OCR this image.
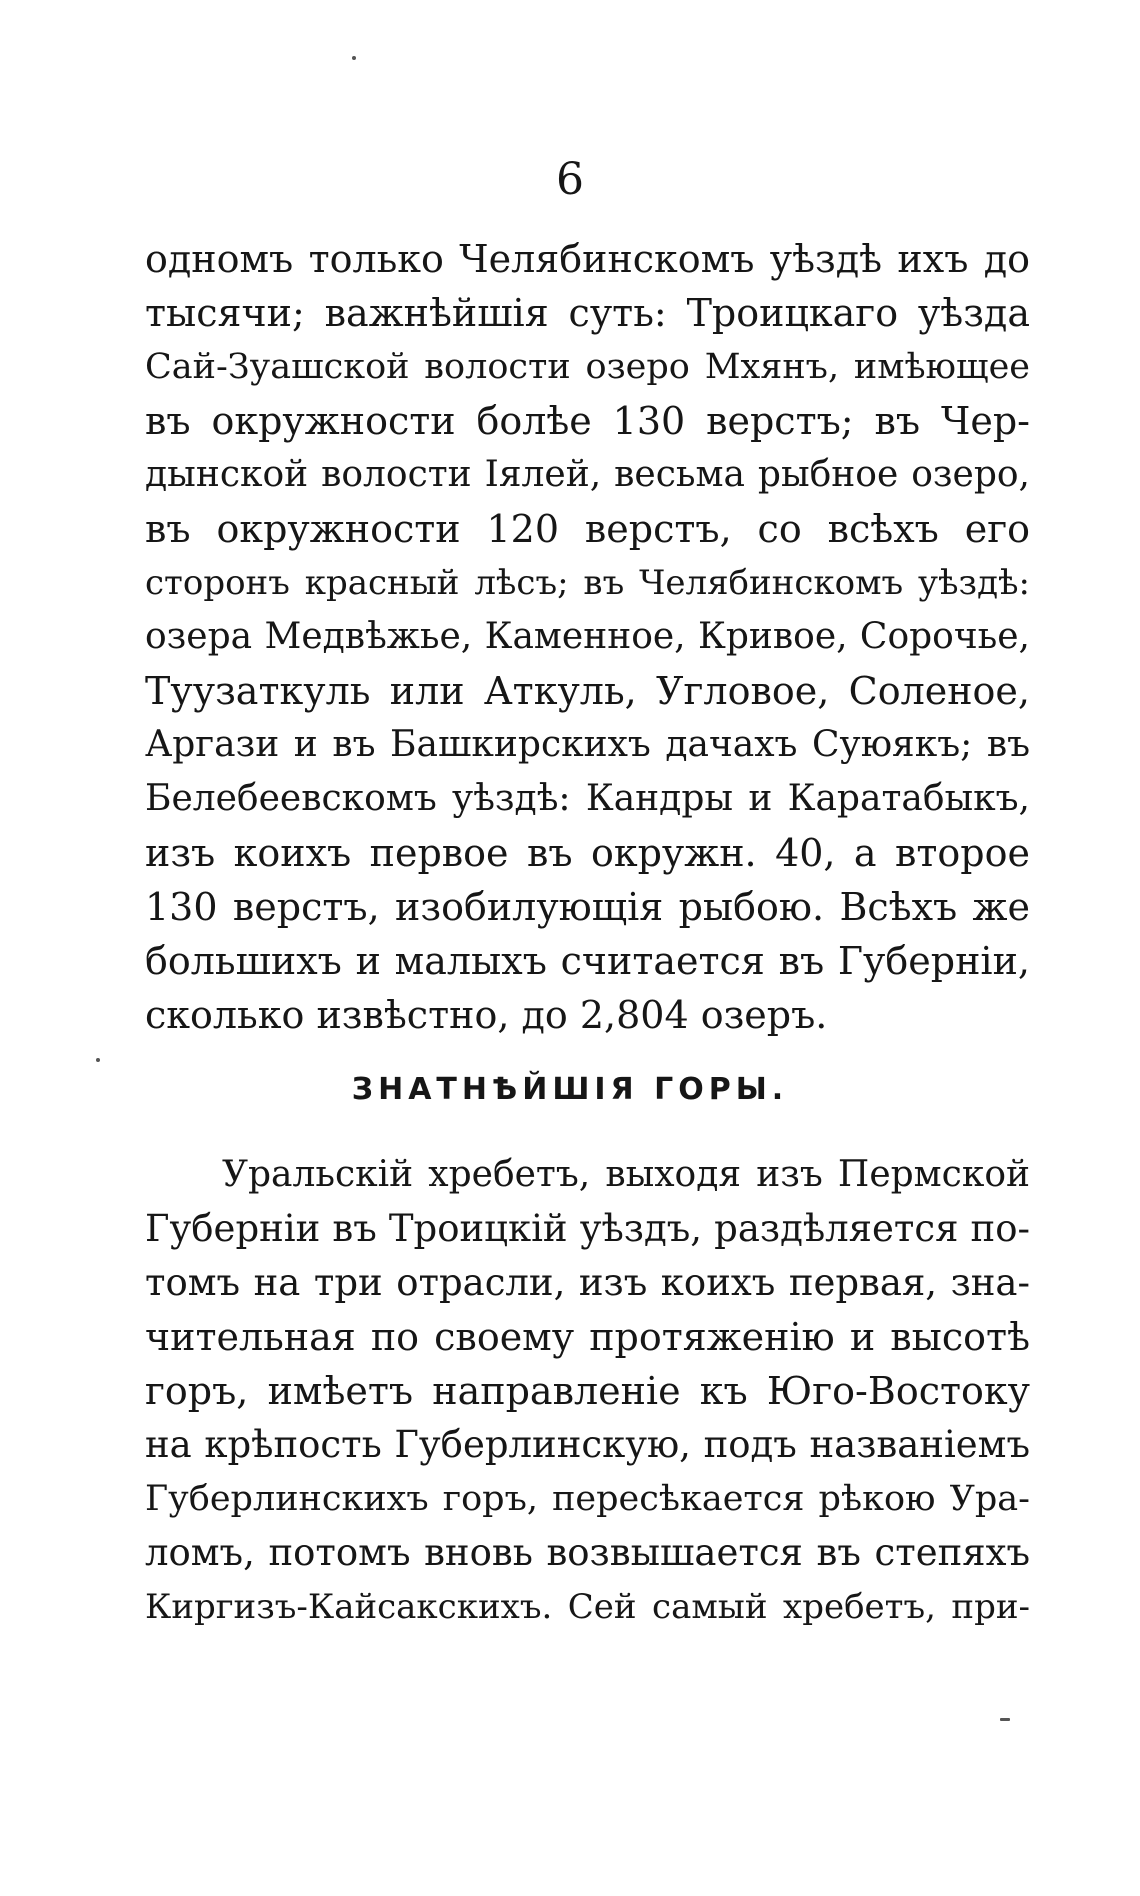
6
одномъ только Челябинскомъ уѣздѣ ихъ до
тысячи; важнѣйшія суть: Троицкаго уѣзда
Сай-Зуашской волости озеро Мхянъ, имѣющее
въ окружности болѣе 130 верстъ; въ Чер-
дынской волости Іялей, весьма рыбное озеро,
въ окружности 120 верстъ, со всѣхъ его
сторонъ красный лѣсъ; въ Челябинскомъ уѣздѣ:
озера Медвѣжье, Каменное, Кривое, Сорочье,
Туузаткуль или Аткуль, Угловое, Соленое,
Аргази и въ Башкирскихъ дачахъ Суюякъ; въ
Белебеевскомъ уѣздѣ: Кандры и Каратабыкъ,
изъ коихъ первое въ окружн. 40, а второе
130 верстъ, изобилующія рыбою. Всѣхъ же
большихъ и малыхъ считается въ Губерніи,
сколько извѣстно, до 2,804 озеръ.
ЗНАТНѢЙШІЯ ГОРЫ.
Уральскій хребетъ, выходя изъ Пермской
Губерніи въ Троицкій уѣздъ, раздѣляется по-
томъ на три отрасли, изъ коихъ первая, зна-
чительная по своему протяженію и высотѣ
горъ, имѣетъ направленіе къ Юго-Востоку
на крѣпость Губерлинскую, подъ названіемъ
Губерлинскихъ горъ, пересѣкается рѣкою Ура-
ломъ, потомъ вновь возвышается въ степяхъ
Киргизъ-Кайсакскихъ. Сей самый хребетъ, при-
